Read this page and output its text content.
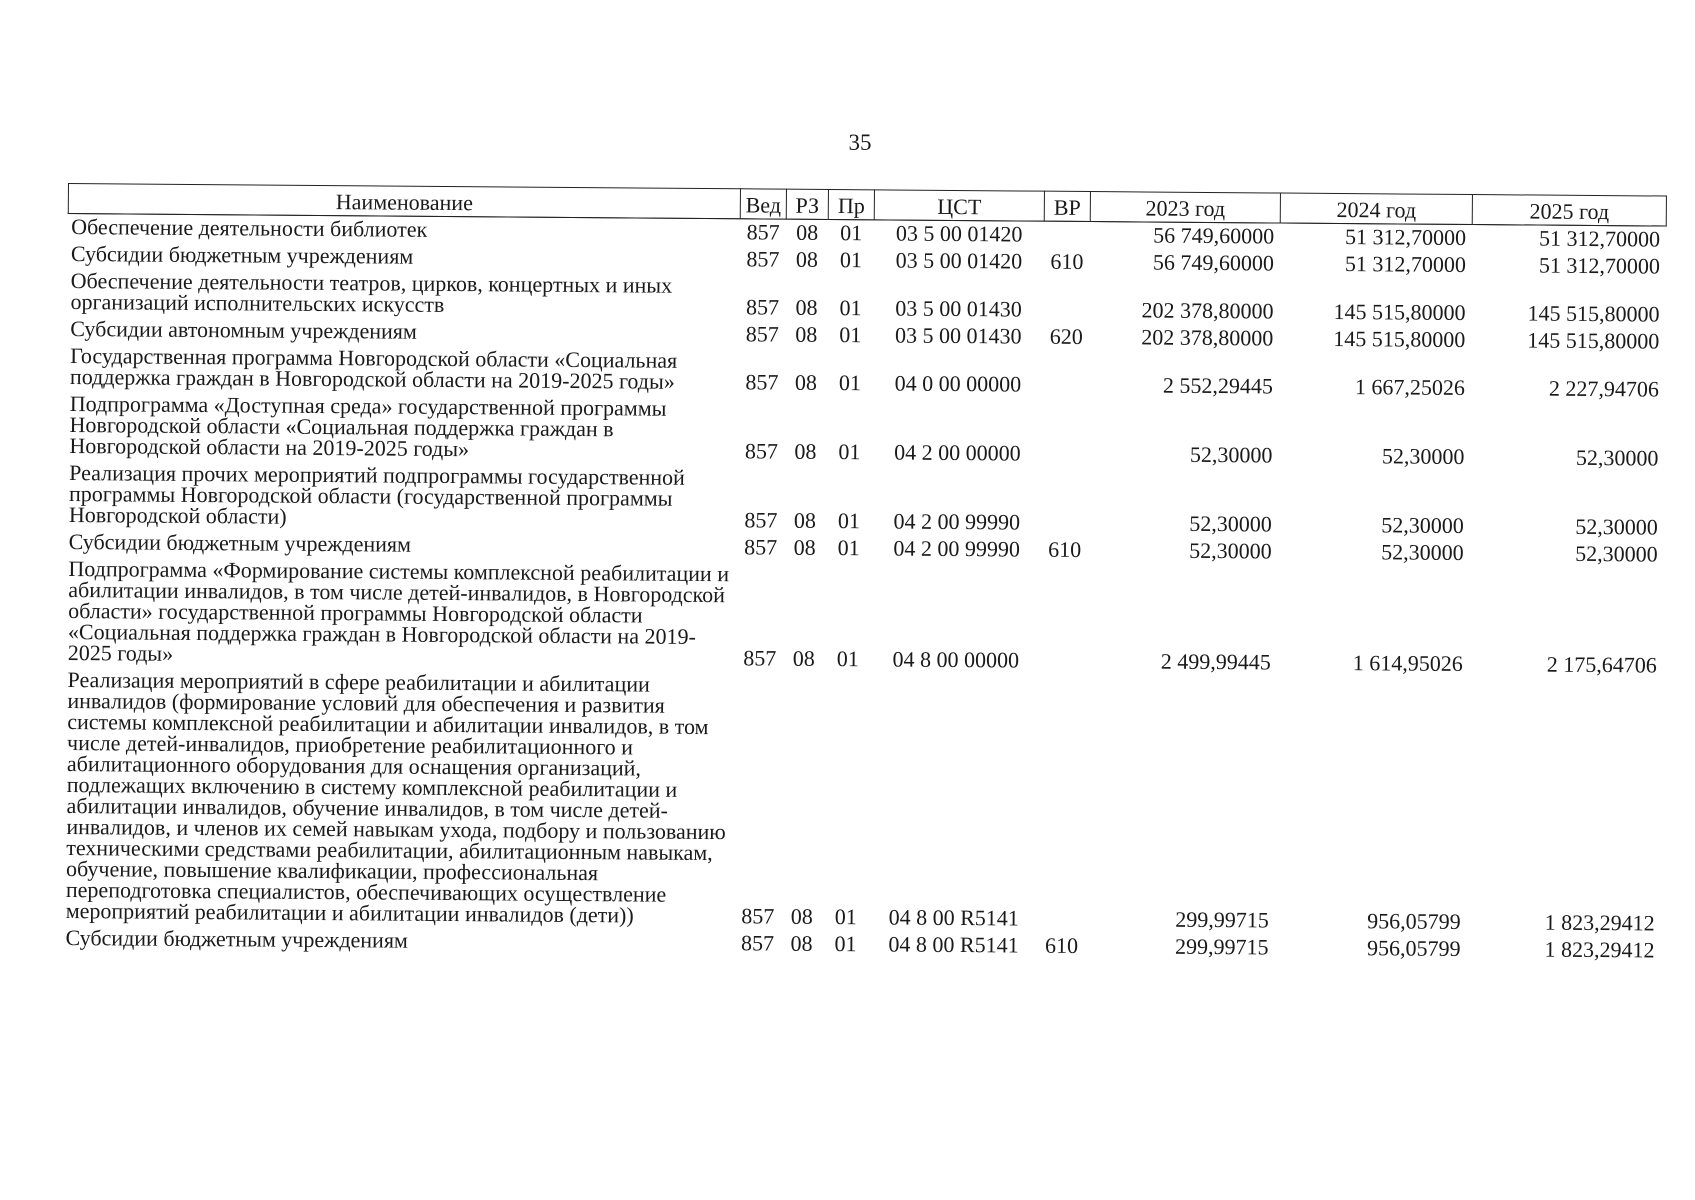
35
Наименование	Вед	РЗ	Пр	ЦСТ	ВР	2023 год	2024 год	2025 год
Обеспечение деятельности библиотек	857	08	01	03 5 00 01420		56 749,60000	51 312,70000	51 312,70000
Субсидии бюджетным учреждениям	857	08	01	03 5 00 01420	610	56 749,60000	51 312,70000	51 312,70000
Обеспечение деятельности театров, цирков, концертных и иных организаций исполнительских искусств	857	08	01	03 5 00 01430		202 378,80000	145 515,80000	145 515,80000
Субсидии автономным учреждениям	857	08	01	03 5 00 01430	620	202 378,80000	145 515,80000	145 515,80000
Государственная программа Новгородской области «Социальная поддержка граждан в Новгородской области на 2019-2025 годы»	857	08	01	04 0 00 00000		2 552,29445	1 667,25026	2 227,94706
Подпрограмма «Доступная среда» государственной программы Новгородской области «Социальная поддержка граждан в Новгородской области на 2019-2025 годы»	857	08	01	04 2 00 00000		52,30000	52,30000	52,30000
Реализация прочих мероприятий подпрограммы государственной программы Новгородской области (государственной программы Новгородской области)	857	08	01	04 2 00 99990		52,30000	52,30000	52,30000
Субсидии бюджетным учреждениям	857	08	01	04 2 00 99990	610	52,30000	52,30000	52,30000
Подпрограмма «Формирование системы комплексной реабилитации и абилитации инвалидов, в том числе детей-инвалидов, в Новгородской области» государственной программы Новгородской области «Социальная поддержка граждан в Новгородской области на 2019-2025 годы»	857	08	01	04 8 00 00000		2 499,99445	1 614,95026	2 175,64706
Реализация мероприятий в сфере реабилитации и абилитации инвалидов (формирование условий для обеспечения и развития системы комплексной реабилитации и абилитации инвалидов, в том числе детей-инвалидов, приобретение реабилитационного и абилитационного оборудования для оснащения организаций, подлежащих включению в систему комплексной реабилитации и абилитации инвалидов, обучение инвалидов, в том числе детей-инвалидов, и членов их семей навыкам ухода, подбору и пользованию техническими средствами реабилитации, абилитационным навыкам, обучение, повышение квалификации, профессиональная переподготовка специалистов, обеспечивающих осуществление мероприятий реабилитации и абилитации инвалидов (дети))	857	08	01	04 8 00 R5141		299,99715	956,05799	1 823,29412
Субсидии бюджетным учреждениям	857	08	01	04 8 00 R5141	610	299,99715	956,05799	1 823,29412
